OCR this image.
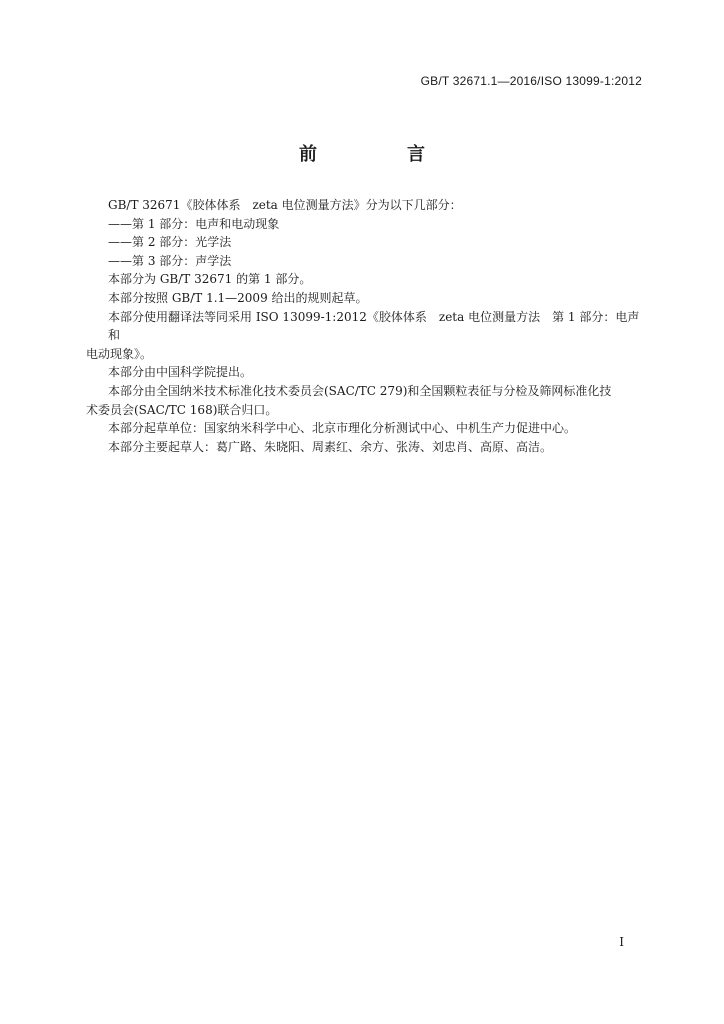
GB/T 32671.1—2016/ISO 13099-1:2012
前　言

GB/T 32671《胶体体系　zeta 电位测量方法》分为以下几部分：

——第 1 部分：电声和电动现象

——第 2 部分：光学法

——第 3 部分：声学法

本部分为 GB/T 32671 的第 1 部分。

本部分按照 GB/T 1.1—2009 给出的规则起草。

本部分使用翻译法等同采用 ISO 13099-1:2012《胶体体系　zeta 电位测量方法　第 1 部分：电声和
电动现象》。

本部分由中国科学院提出。

本部分由全国纳米技术标准化技术委员会(SAC/TC 279)和全国颗粒表征与分检及筛网标准化技
术委员会(SAC/TC 168)联合归口。

本部分起草单位：国家纳米科学中心、北京市理化分析测试中心、中机生产力促进中心。

本部分主要起草人：葛广路、朱晓阳、周素红、余方、张涛、刘忠肖、高原、高洁。

I
